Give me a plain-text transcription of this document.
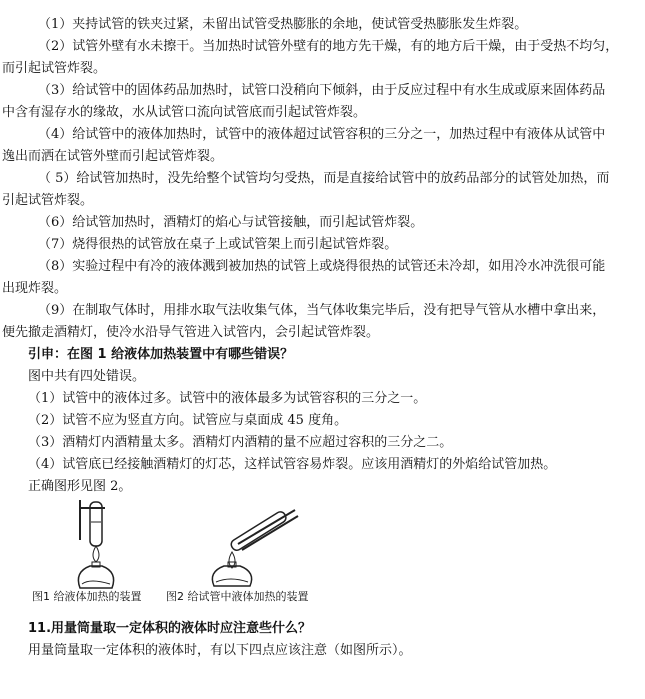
（1）夹持试管的铁夹过紧，未留出试管受热膨胀的余地，使试管受热膨胀发生炸裂。
（2）试管外壁有水未擦干。当加热时试管外壁有的地方先干燥，有的地方后干燥，由于受热不均匀，
而引起试管炸裂。
（3）给试管中的固体药品加热时，试管口没稍向下倾斜，由于反应过程中有水生成或原来固体药品
中含有湿存水的缘故，水从试管口流向试管底而引起试管炸裂。
（4）给试管中的液体加热时，试管中的液体超过试管容积的三分之一，加热过程中有液体从试管中
逸出而洒在试管外壁而引起试管炸裂。
（ 5）给试管加热时，没先给整个试管均匀受热，而是直接给试管中的放药品部分的试管处加热，而
引起试管炸裂。
（6）给试管加热时，酒精灯的焰心与试管接触，而引起试管炸裂。
（7）烧得很热的试管放在桌子上或试管架上而引起试管炸裂。
（8）实验过程中有冷的液体溅到被加热的试管上或烧得很热的试管还未冷却，如用冷水冲洗很可能
出现炸裂。
（9）在制取气体时，用排水取气法收集气体，当气体收集完毕后，没有把导气管从水槽中拿出来，
便先撤走酒精灯，使冷水沿导气管进入试管内，会引起试管炸裂。
引申：在图 1 给液体加热装置中有哪些错误？
图中共有四处错误。
（1）试管中的液体过多。试管中的液体最多为试管容积的三分之一。
（2）试管不应为竖直方向。试管应与桌面成 45 度角。
（3）酒精灯内酒精量太多。酒精灯内酒精的量不应超过容积的三分之二。
（4）试管底已经接触酒精灯的灯芯，这样试管容易炸裂。应该用酒精灯的外焰给试管加热。
正确图形见图 2。
图1 给液体加热的装置 图2 给试管中液体加热的装置
11.用量筒量取一定体积的液体时应注意些什么？
用量筒量取一定体积的液体时，有以下四点应该注意（如图所示）。
